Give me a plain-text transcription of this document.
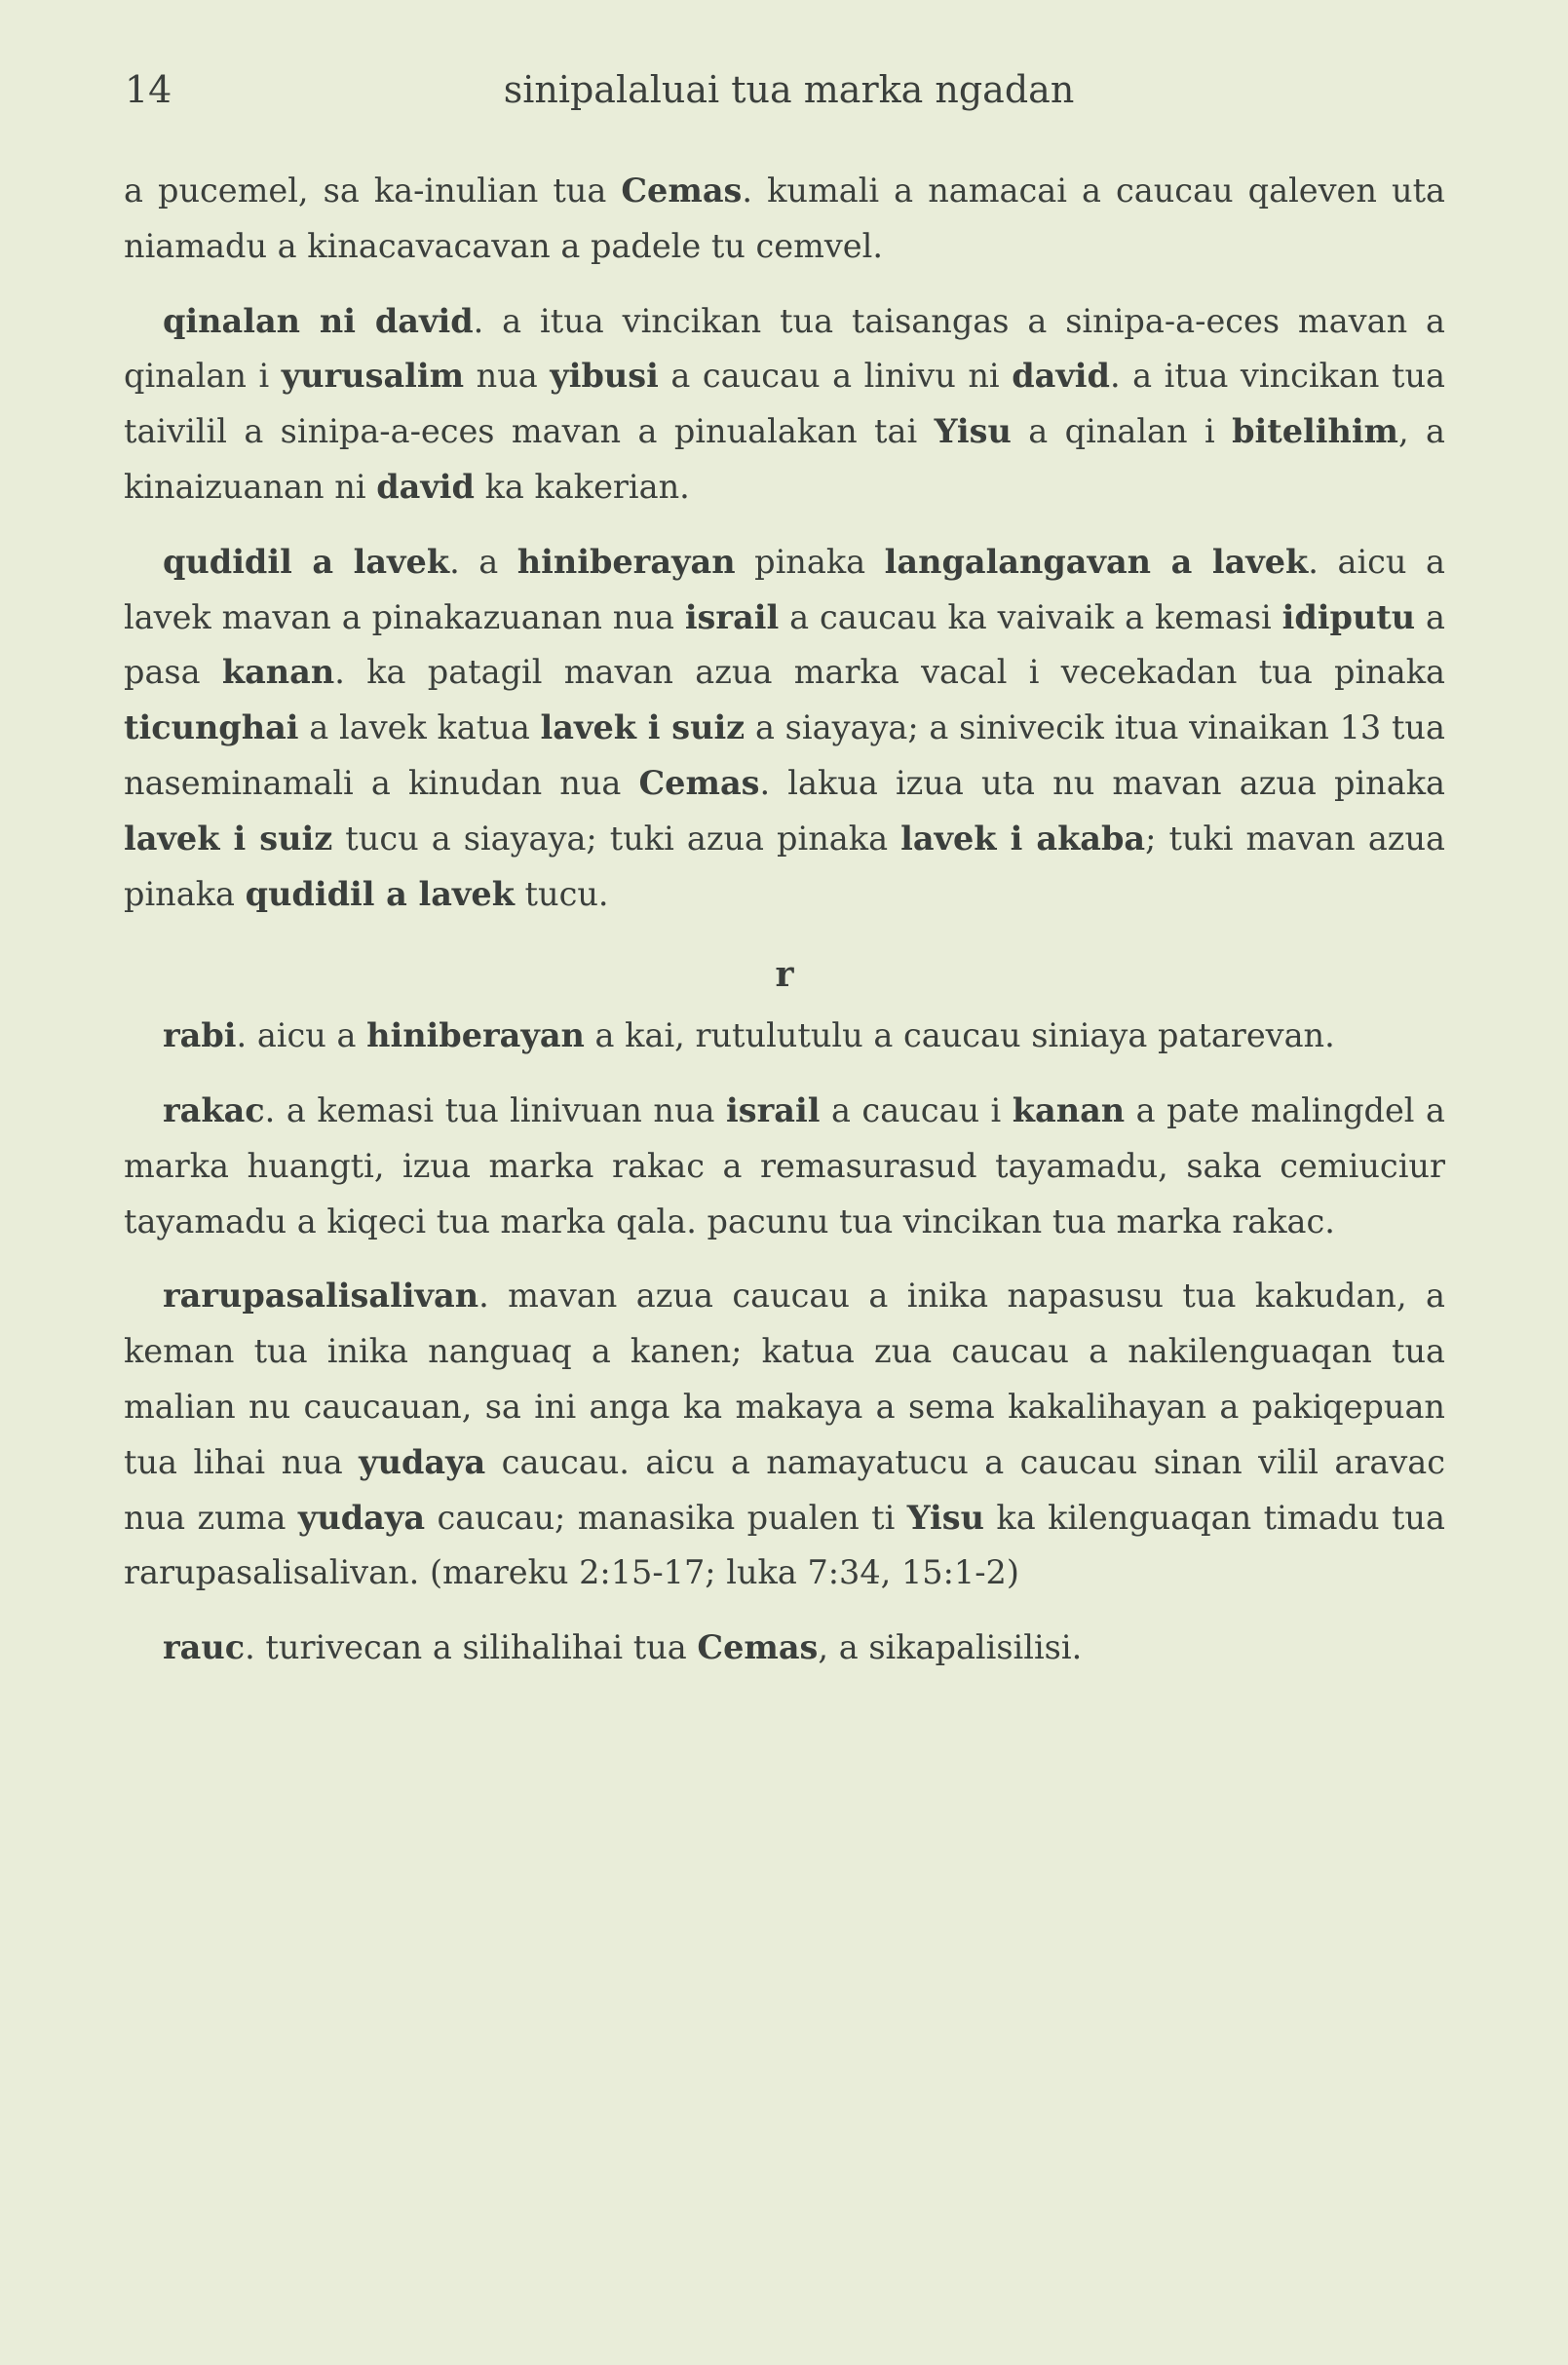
14	sinipalaluai tua marka ngadan

a pucemel, sa ka-inulian tua Cemas. kumali a namacai a caucau qaleven uta niamadu a kinacavacavan a padele tu cemvel.

qinalan ni david. a itua vincikan tua taisangas a sinipa-a-eces mavan a qinalan i yurusalim nua yibusi a caucau a linivu ni david. a itua vincikan tua taivilil a sinipa-a-eces mavan a pinualakan tai Yisu a qinalan i bitelihim, a kinaizuanan ni david ka kakerian.

qudidil a lavek. a hiniberayan pinaka langalangavan a lavek. aicu a lavek mavan a pinakazuanan nua israil a caucau ka vaivaik a kemasi idiputu a pasa kanan. ka patagil mavan azua marka vacal i vecekadan tua pinaka ticunghai a lavek katua lavek i suiz a siayaya; a sinivecik itua vinaikan 13 tua naseminamali a kinudan nua Cemas. lakua izua uta nu mavan azua pinaka lavek i suiz tucu a siayaya; tuki azua pinaka lavek i akaba; tuki mavan azua pinaka qudidil a lavek tucu.

r

rabi. aicu a hiniberayan a kai, rutulutulu a caucau siniaya patarevan.

rakac. a kemasi tua linivuan nua israil a caucau i kanan a pate malingdel a marka huangti, izua marka rakac a remasurasud tayamadu, saka cemiuciur tayamadu a kiqeci tua marka qala. pacunu tua vincikan tua marka rakac.

rarupasalisalivan. mavan azua caucau a inika napasusu tua kakudan, a keman tua inika nanguaq a kanen; katua zua caucau a nakilenguaqan tua malian nu caucauan, sa ini anga ka makaya a sema kakalihayan a pakiqepuan tua lihai nua yudaya caucau. aicu a namayatucu a caucau sinan vilil aravac nua zuma yudaya caucau; manasika pualen ti Yisu ka kilenguaqan timadu tua rarupasalisalivan. (mareku 2:15-17; luka 7:34, 15:1-2)

rauc. turivecan a silihalihai tua Cemas, a sikapalisilisi.
